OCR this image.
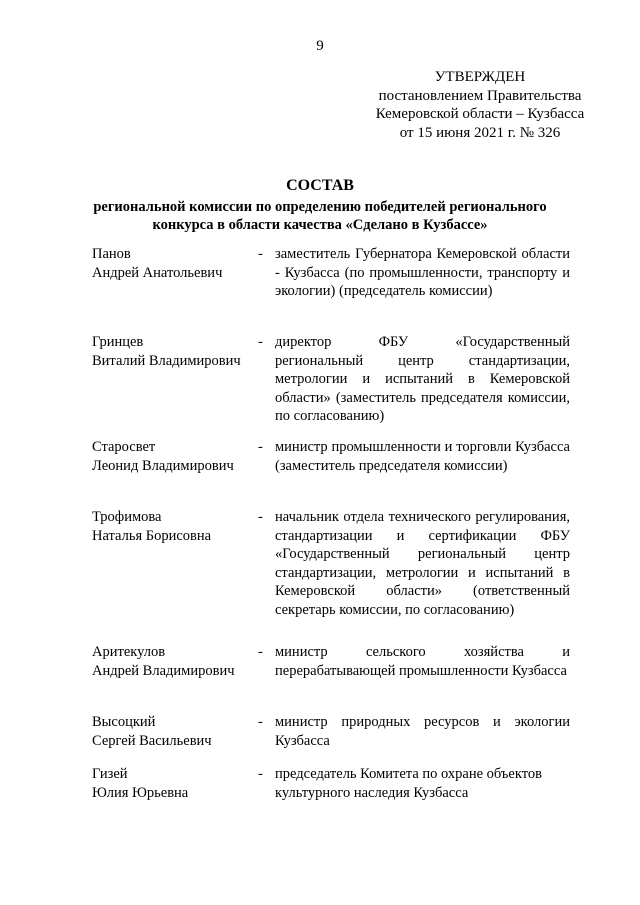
9
УТВЕРЖДЕН
постановлением Правительства
Кемеровской области – Кузбасса
от 15 июня 2021 г. № 326
СОСТАВ
региональной комиссии по определению победителей регионального конкурса в области качества «Сделано в Кузбассе»
Панов
Андрей Анатольевич
- заместитель Губернатора Кемеровской области - Кузбасса (по промышленности, транспорту и экологии) (председатель комиссии)
Гринцев
Виталий Владимирович
- директор ФБУ «Государственный региональный центр стандартизации, метрологии и испытаний в Кемеровской области» (заместитель председателя комиссии, по согласованию)
Старосвет
Леонид Владимирович
- министр промышленности и торговли Кузбасса (заместитель председателя комиссии)
Трофимова
Наталья Борисовна
- начальник отдела технического регулирования, стандартизации и сертификации ФБУ «Государственный региональный центр стандартизации, метрологии и испытаний в Кемеровской области» (ответственный секретарь комиссии, по согласованию)
Аритекулов
Андрей Владимирович
- министр сельского хозяйства и перерабатывающей промышленности Кузбасса
Высоцкий
Сергей Васильевич
- министр природных ресурсов и экологии Кузбасса
Гизей
Юлия Юрьевна
- председатель Комитета по охране объектов культурного наследия Кузбасса
